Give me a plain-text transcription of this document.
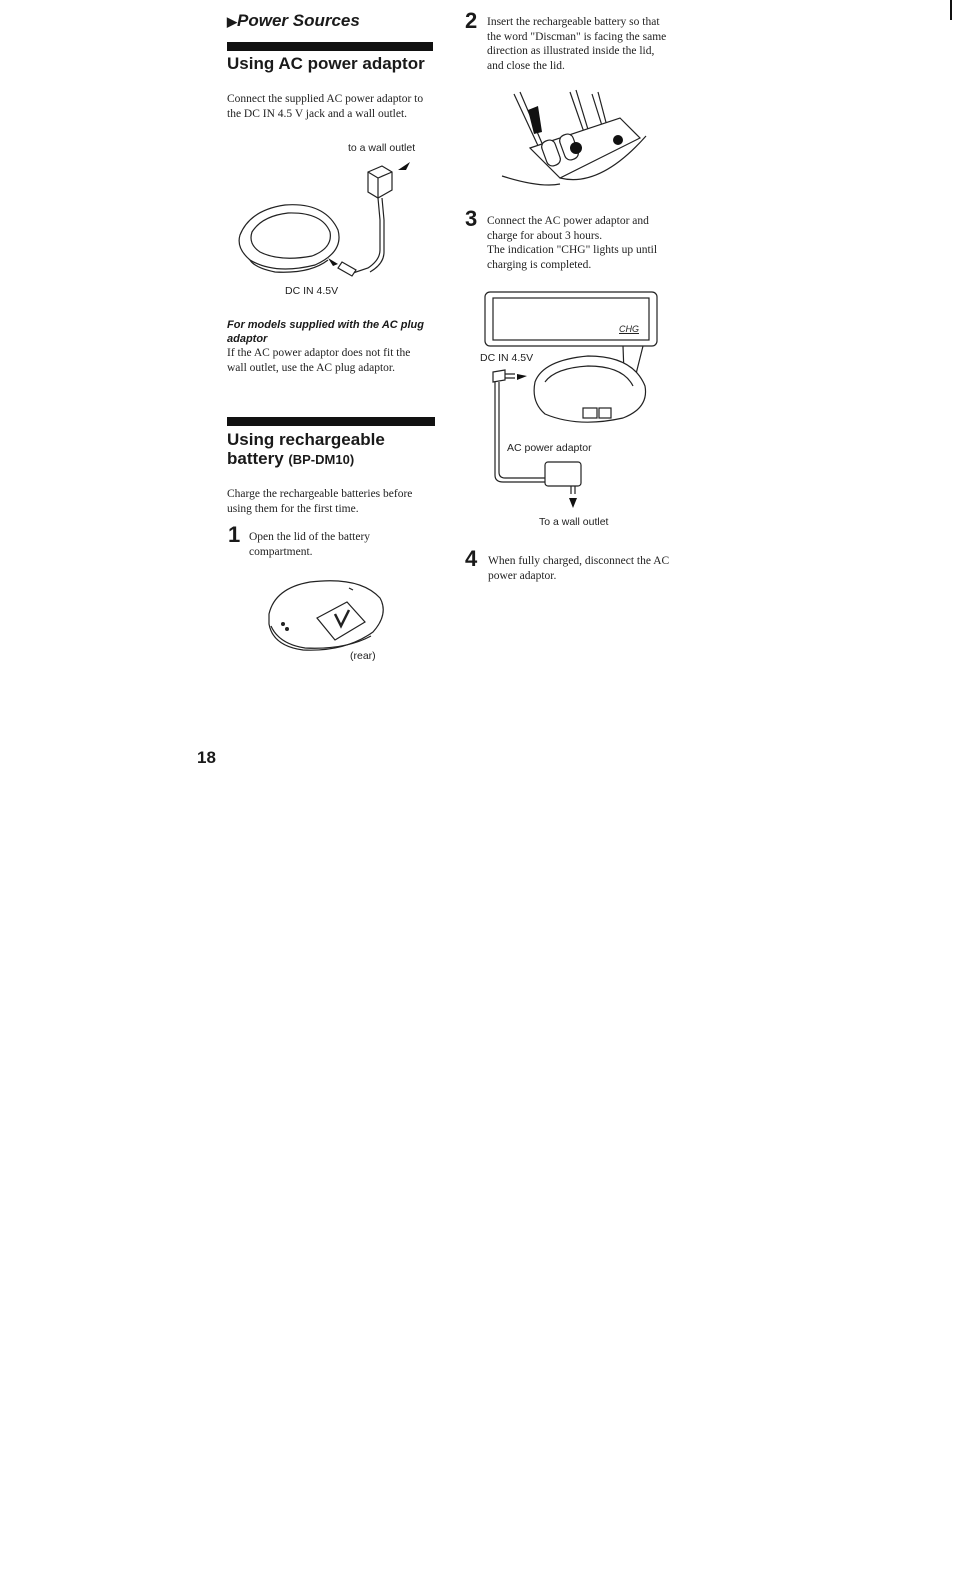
▶Power Sources
Using AC power adaptor
Connect the supplied AC power adaptor to the DC IN 4.5 V jack and a wall outlet.
to a wall outlet
DC IN 4.5V
For models supplied with the AC plug adaptor
If the AC power adaptor does not fit the wall outlet, use the AC plug adaptor.
Using rechargeable
battery (BP-DM10)
Charge the rechargeable batteries before using them for the first time.
1 Open the lid of the battery compartment.
(rear)
18
2 Insert the rechargeable battery so that the word "Discman" is facing the same direction as illustrated inside the lid, and close the lid.
3 Connect the AC power adaptor and charge for about 3 hours.
The indication "CHG" lights up until charging is completed.
CHG
DC IN 4.5V
AC power adaptor
To a wall outlet
4 When fully charged, disconnect the AC power adaptor.
